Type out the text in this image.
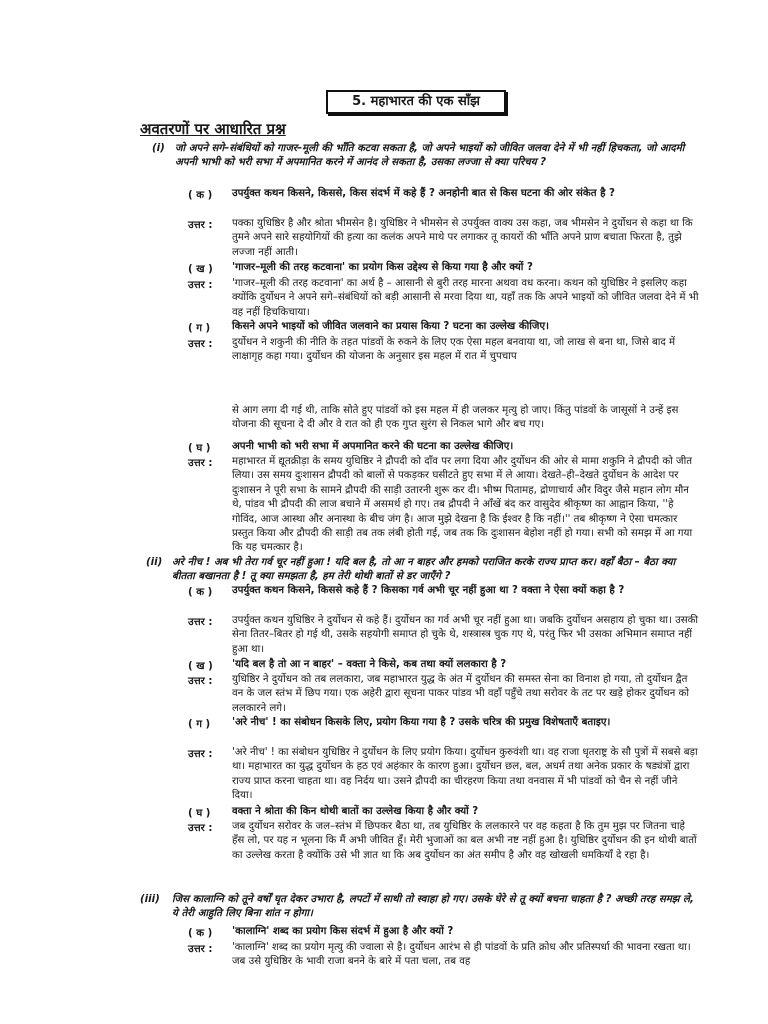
5. महाभारत की एक साँझ
अवतरणों पर आधारित प्रश्न
(i) जो अपने सगे–संबंधियों को गाजर–मूली की भाँति कटवा सकता है, जो अपने भाइयों को जीवित जलवा देने में भी नहीं हिचकता, जो आदमी अपनी भाभी को भरी सभा में अपमानित करने में आनंद ले सकता है, उसका लज्जा से क्या परिचय ?
( क ) उपर्युक्त कथन किसने, किससे, किस संदर्भ में कहे हैं ? अनहोनी बात से किस घटना की ओर संकेत है ?
उत्तर : पक्का युधिष्ठिर है और श्रोता भीमसेन है। युधिष्ठिर ने भीमसेन से उपर्युक्त वाक्य उस कहा, जब भीमसेन ने दुर्योधन से कहा था कि तुमने अपने सारे सहयोगियों की हत्या का कलंक अपने माथे पर लगाकर तू कायरों की भाँति अपने प्राण बचाता फिरता है, तुझे लज्जा नहीं आती।
( ख ) 'गाजर–मूली की तरह कटवाना' का प्रयोग किस उद्देश्य से किया गया है और क्यों ?
उत्तर : 'गाजर–मूली की तरह कटवाना' का अर्थ है – आसानी से बुरी तरह मारना अथवा वध करना। कथन को युधिष्ठिर ने इसलिए कहा क्योंकि दुर्योधन ने अपने सगे–संबंधियों को बड़ी आसानी से मरवा दिया था, यहाँ तक कि अपने भाइयों को जीवित जलवा देने में भी वह नहीं हिचकिचाया।
( ग ) किसने अपने भाइयों को जीवित जलवाने का प्रयास किया ? घटना का उल्लेख कीजिए।
उत्तर : दुर्योधन ने शकुनी की नीति के तहत पांडवों के रुकने के लिए एक ऐसा महल बनवाया था, जो लाख से बना था, जिसे बाद में लाक्षागृह कहा गया। दुर्योधन की योजना के अनुसार इस महल में रात में चुपचाप
से आग लगा दी गई थी, ताकि सोते हुए पांडवों को इस महल में ही जलकर मृत्यु हो जाए। किंतु पांडवों के जासूसों ने उन्हें इस योजना की सूचना दे दी और वे रात को ही एक गुप्त सुरंग से निकल भागे और बच गए।
( घ ) अपनी भाभी को भरी सभा में अपमानित करने की घटना का उल्लेख कीजिए।
उत्तर : महाभारत में द्यूतक्रीड़ा के समय युधिष्ठिर ने द्रौपदी को दाँव पर लगा दिया और दुर्योधन की ओर से मामा शकुनि ने द्रौपदी को जीत लिया। उस समय दुःशासन द्रौपदी को बालों से पकड़कर घसीटते हुए सभा में ले आया। देखते–ही–देखते दुर्योधन के आदेश पर दुःशासन ने पूरी सभा के सामने द्रौपदी की साड़ी उतारनी शुरू कर दी। भीष्म पितामह, द्रोणाचार्य और विदुर जैसे महान लोग मौन थे, पांडव भी द्रौपदी की लाज बचाने में असमर्थ हो गए। तब द्रौपदी ने आँखें बंद कर वासुदेव श्रीकृष्ण का आह्वान किया, ''हे गोविंद, आज आस्था और अनास्था के बीच जंग है। आज मुझे देखना है कि ईश्वर है कि नहीं।'' तब श्रीकृष्ण ने ऐसा चमत्कार प्रस्तुत किया और द्रौपदी की साड़ी तब तक लंबी होती गई, जब तक कि दुःशासन बेहोश नहीं हो गया। सभी को समझ में आ गया कि यह चमत्कार है।
(ii) अरे नीच ! अब भी तेरा गर्व चूर नहीं हुआ ! यदि बल है, तो आ न बाहर और हमको पराजित करके राज्य प्राप्त कर। वहाँ बैठा – बैठा क्या बीतता बखानता है ! तू क्या समझता है, हम तेरी थोथी बातों से डर जाएँगे ?
( क ) उपर्युक्त कथन किसने, किससे कहे हैं ? किसका गर्व अभी चूर नहीं हुआ था ? वक्ता ने ऐसा क्यों कहा है ?
उत्तर : उपर्युक्त कथन युधिष्ठिर ने दुर्योधन से कहे हैं। दुर्योधन का गर्व अभी चूर नहीं हुआ था। जबकि दुर्योधन असहाय हो चुका था। उसकी सेना तितर–बितर हो गई थी, उसके सहयोगी समाप्त हो चुके थे, शस्त्रास्त्र चुक गए थे, परंतु फिर भी उसका अभिमान समाप्त नहीं हुआ था।
( ख ) 'यदि बल है तो आ न बाहर' – वक्ता ने किसे, कब तथा क्यों ललकारा है ?
उत्तर : युधिष्ठिर ने दुर्योधन को तब ललकारा, जब महाभारत युद्ध के अंत में दुर्योधन की समस्त सेना का विनाश हो गया, तो दुर्योधन द्वैत वन के जल स्तंभ में छिप गया। एक अहेरी द्वारा सूचना पाकर पांडव भी वहाँ पहुँचे तथा सरोवर के तट पर खड़े होकर दुर्योधन को ललकारने लगे।
( ग ) 'अरे नीच' ! का संबोधन किसके लिए, प्रयोग किया गया है ? उसके चरित्र की प्रमुख विशेषताएँ बताइए।
उत्तर : 'अरे नीच' ! का संबोधन युधिष्ठिर ने दुर्योधन के लिए प्रयोग किया। दुर्योधन कुरुवंशी था। वह राजा धृतराष्ट्र के सौ पुत्रों में सबसे बड़ा था। महाभारत का युद्ध दुर्योधन के हठ एवं अहंकार के कारण हुआ। दुर्योधन छल, बल, अधर्म तथा अनेक प्रकार के षड्यंत्रों द्वारा राज्य प्राप्त करना चाहता था। वह निर्दय था। उसने द्रौपदी का चीरहरण किया तथा वनवास में भी पांडवों को चैन से नहीं जीने दिया।
( घ ) वक्ता ने श्रोता की किन थोथी बातों का उल्लेख किया है और क्यों ?
उत्तर : जब दुर्योधन सरोवर के जल–स्तंभ में छिपकर बैठा था, तब युधिष्ठिर के ललकारने पर वह कहता है कि तुम मुझ पर जितना चाहे हँस लो, पर यह न भूलना कि मैं अभी जीवित हूँ। मेरी भुजाओं का बल अभी नष्ट नहीं हुआ है। युधिष्ठिर दुर्योधन की इन थोथी बातों का उल्लेख करता है क्योंकि उसे भी ज्ञात था कि अब दुर्योधन का अंत समीप है और वह खोखली धमकियाँ दे रहा है।
(iii) जिस कालाग्नि को तूने वर्षों घृत देकर उभारा है, लपटों में साथी तो स्वाहा हो गए। उसके घेरे से तू क्यों बचना चाहता है ? अच्छी तरह समझ ले, ये तेरी आहुति लिए बिना शांत न होगा।
( क ) 'कालाग्नि' शब्द का प्रयोग किस संदर्भ में हुआ है और क्यों ?
उत्तर : 'कालाग्नि' शब्द का प्रयोग मृत्यु की ज्वाला से है। दुर्योधन आरंभ से ही पांडवों के प्रति क्रोध और प्रतिस्पर्धा की भावना रखता था। जब उसे युधिष्ठिर के भावी राजा बनने के बारे में पता चला, तब वह
